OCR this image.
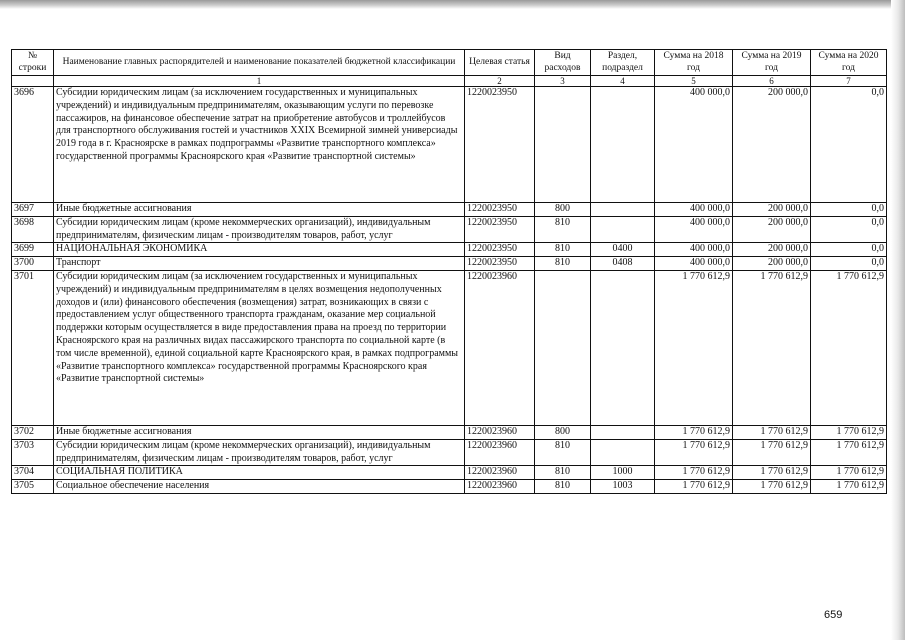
№ строки	Наименование главных распорядителей и наименование показателей бюджетной классификации	Целевая статья	Вид расходов	Раздел, подраздел	Сумма на 2018 год	Сумма на 2019 год	Сумма на 2020 год
	1	2	3	4	5	6	7
3696	Субсидии юридическим лицам (за исключением государственных и муниципальных учреждений) и индивидуальным предпринимателям, оказывающим услуги по перевозке пассажиров, на финансовое обеспечение затрат на приобретение автобусов и троллейбусов для транспортного обслуживания гостей и участников XXIX Всемирной зимней универсиады 2019 года в г. Красноярске в рамках подпрограммы «Развитие транспортного комплекса» государственной программы Красноярского края «Развитие транспортной системы»	1220023950			400 000,0	200 000,0	0,0
3697	Иные бюджетные ассигнования	1220023950	800		400 000,0	200 000,0	0,0
3698	Субсидии юридическим лицам (кроме некоммерческих организаций), индивидуальным предпринимателям, физическим лицам - производителям товаров, работ, услуг	1220023950	810		400 000,0	200 000,0	0,0
3699	НАЦИОНАЛЬНАЯ ЭКОНОМИКА	1220023950	810	0400	400 000,0	200 000,0	0,0
3700	Транспорт	1220023950	810	0408	400 000,0	200 000,0	0,0
3701	Субсидии юридическим лицам (за исключением государственных и муниципальных учреждений) и индивидуальным предпринимателям в целях возмещения недополученных доходов и (или) финансового обеспечения (возмещения) затрат, возникающих в связи с предоставлением услуг общественного транспорта гражданам, оказание мер социальной поддержки которым осуществляется в виде предоставления права на проезд по территории Красноярского края на различных видах пассажирского транспорта по социальной карте (в том числе временной), единой социальной карте Красноярского края, в рамках подпрограммы «Развитие транспортного комплекса» государственной программы Красноярского края «Развитие транспортной системы»	1220023960			1 770 612,9	1 770 612,9	1 770 612,9
3702	Иные бюджетные ассигнования	1220023960	800		1 770 612,9	1 770 612,9	1 770 612,9
3703	Субсидии юридическим лицам (кроме некоммерческих организаций), индивидуальным предпринимателям, физическим лицам - производителям товаров, работ, услуг	1220023960	810		1 770 612,9	1 770 612,9	1 770 612,9
3704	СОЦИАЛЬНАЯ ПОЛИТИКА	1220023960	810	1000	1 770 612,9	1 770 612,9	1 770 612,9
3705	Социальное обеспечение населения	1220023960	810	1003	1 770 612,9	1 770 612,9	1 770 612,9
659
